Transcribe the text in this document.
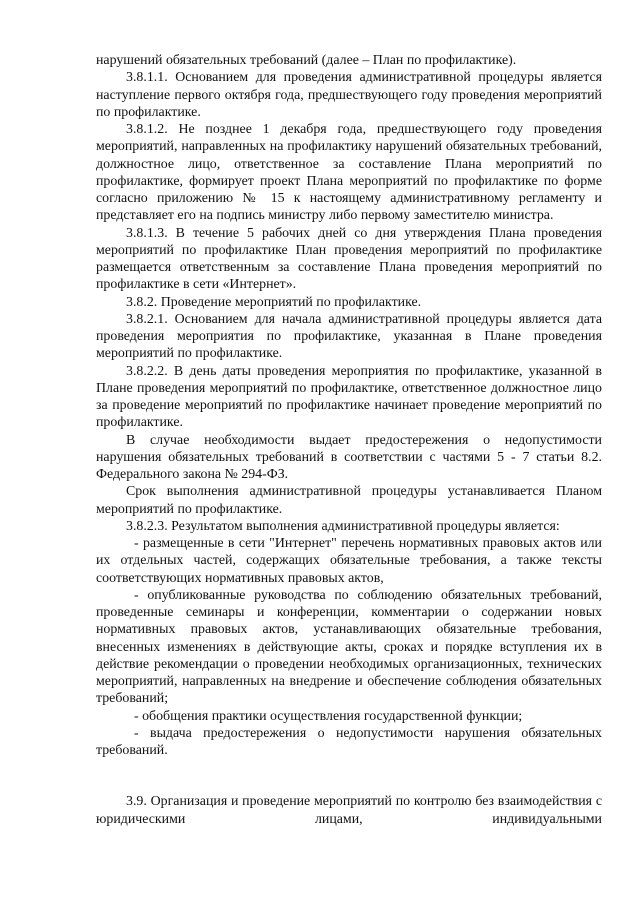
нарушений обязательных требований (далее – План по профилактике).

3.8.1.1. Основанием для проведения административной процедуры является наступление первого октября года, предшествующего году проведения мероприятий по профилактике.

3.8.1.2. Не позднее 1 декабря года, предшествующего году проведения мероприятий, направленных на профилактику нарушений обязательных требований, должностное лицо, ответственное за составление Плана мероприятий по профилактике, формирует проект Плана мероприятий по профилактике по форме согласно приложению № 15 к настоящему административному регламенту и представляет его на подпись министру либо первому заместителю министра.

3.8.1.3. В течение 5 рабочих дней со дня утверждения Плана проведения мероприятий по профилактике План проведения мероприятий по профилактике размещается ответственным за составление Плана проведения мероприятий по профилактике в сети «Интернет».

3.8.2. Проведение мероприятий по профилактике.

3.8.2.1. Основанием для начала административной процедуры является дата проведения мероприятия по профилактике, указанная в Плане проведения мероприятий по профилактике.

3.8.2.2. В день даты проведения мероприятия по профилактике, указанной в Плане проведения мероприятий по профилактике, ответственное должностное лицо за проведение мероприятий по профилактике начинает проведение мероприятий по профилактике.

В случае необходимости выдает предостережения о недопустимости нарушения обязательных требований в соответствии с частями 5 - 7 статьи 8.2. Федерального закона № 294-ФЗ.

Срок выполнения административной процедуры устанавливается Планом мероприятий по профилактике.

3.8.2.3. Результатом выполнения административной процедуры является:

- размещенные в сети "Интернет" перечень нормативных правовых актов или их отдельных частей, содержащих обязательные требования, а также тексты соответствующих нормативных правовых актов,

- опубликованные руководства по соблюдению обязательных требований, проведенные семинары и конференции, комментарии о содержании новых нормативных правовых актов, устанавливающих обязательные требования, внесенных изменениях в действующие акты, сроках и порядке вступления их в действие рекомендации о проведении необходимых организационных, технических мероприятий, направленных на внедрение и обеспечение соблюдения обязательных требований;

- обобщения практики осуществления государственной функции;

- выдача предостережения о недопустимости нарушения обязательных требований.

3.9. Организация и проведение мероприятий по контролю без взаимодействия с юридическими лицами, индивидуальными
